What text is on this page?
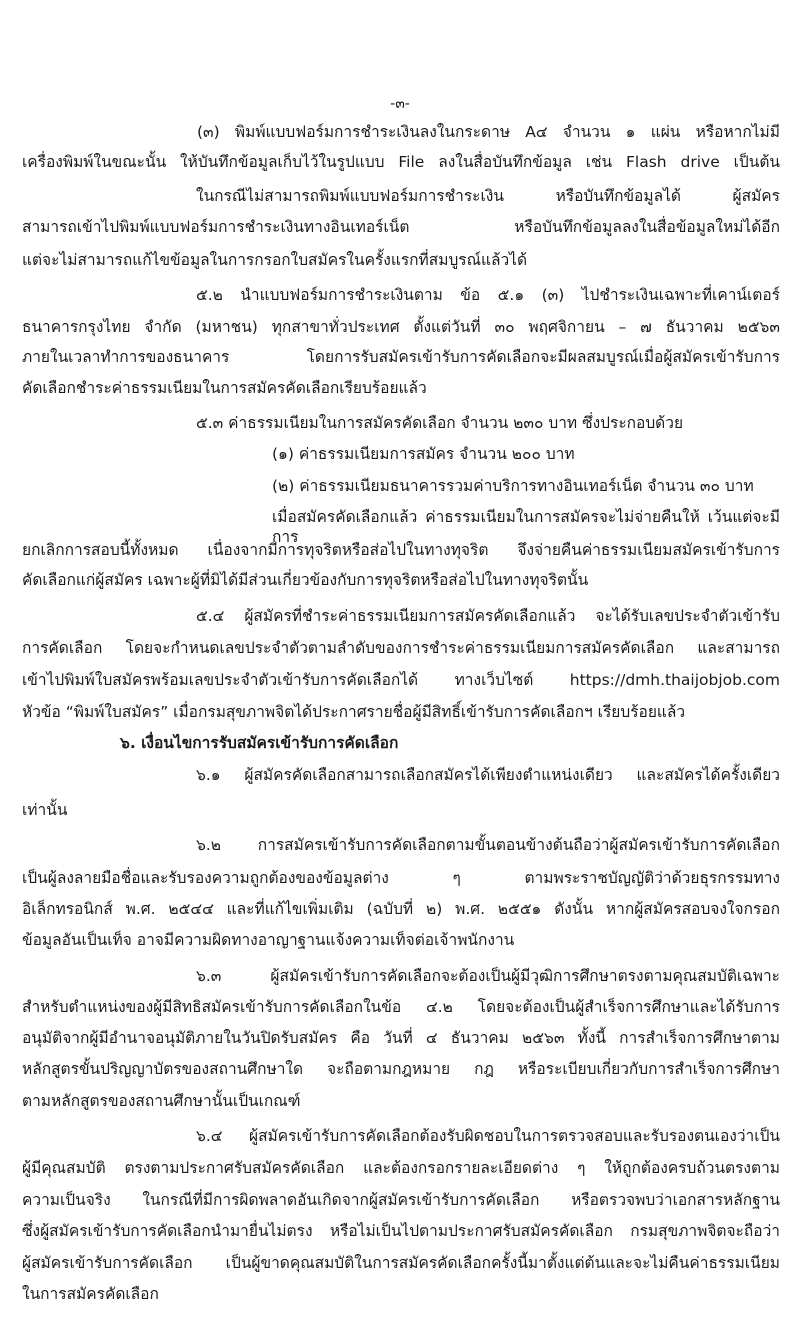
-๓-
(๓) พิมพ์แบบฟอร์มการชำระเงินลงในกระดาษ A๔ จำนวน ๑ แผ่น หรือหากไม่มี
เครื่องพิมพ์ในขณะนั้น ให้บันทึกข้อมูลเก็บไว้ในรูปแบบ File ลงในสื่อบันทึกข้อมูล เช่น Flash drive เป็นต้น
ในกรณีไม่สามารถพิมพ์แบบฟอร์มการชำระเงิน หรือบันทึกข้อมูลได้ ผู้สมัคร
สามารถเข้าไปพิมพ์แบบฟอร์มการชำระเงินทางอินเทอร์เน็ต หรือบันทึกข้อมูลลงในสื่อข้อมูลใหม่ได้อีก
แต่จะไม่สามารถแก้ไขข้อมูลในการกรอกใบสมัครในครั้งแรกที่สมบูรณ์แล้วได้
๕.๒ นำแบบฟอร์มการชำระเงินตาม ข้อ ๕.๑ (๓) ไปชำระเงินเฉพาะที่เคาน์เตอร์
ธนาคารกรุงไทย จำกัด (มหาชน) ทุกสาขาทั่วประเทศ ตั้งแต่วันที่ ๓๐ พฤศจิกายน – ๗ ธันวาคม ๒๕๖๓
ภายในเวลาทำการของธนาคาร โดยการรับสมัครเข้ารับการคัดเลือกจะมีผลสมบูรณ์เมื่อผู้สมัครเข้ารับการ
คัดเลือกชำระค่าธรรมเนียมในการสมัครคัดเลือกเรียบร้อยแล้ว
๕.๓ ค่าธรรมเนียมในการสมัครคัดเลือก จำนวน ๒๓๐ บาท ซึ่งประกอบด้วย
(๑) ค่าธรรมเนียมการสมัคร จำนวน ๒๐๐ บาท
(๒) ค่าธรรมเนียมธนาคารรวมค่าบริการทางอินเทอร์เน็ต จำนวน ๓๐ บาท
เมื่อสมัครคัดเลือกแล้ว ค่าธรรมเนียมในการสมัครจะไม่จ่ายคืนให้ เว้นแต่จะมีการ
ยกเลิกการสอบนี้ทั้งหมด เนื่องจากมีการทุจริตหรือส่อไปในทางทุจริต จึงจ่ายคืนค่าธรรมเนียมสมัครเข้ารับการ
คัดเลือกแก่ผู้สมัคร เฉพาะผู้ที่มิได้มีส่วนเกี่ยวข้องกับการทุจริตหรือส่อไปในทางทุจริตนั้น
๕.๔ ผู้สมัครที่ชำระค่าธรรมเนียมการสมัครคัดเลือกแล้ว จะได้รับเลขประจำตัวเข้ารับ
การคัดเลือก โดยจะกำหนดเลขประจำตัวตามลำดับของการชำระค่าธรรมเนียมการสมัครคัดเลือก และสามารถ
เข้าไปพิมพ์ใบสมัครพร้อมเลขประจำตัวเข้ารับการคัดเลือกได้ ทางเว็บไซต์ https://dmh.thaijobjob.com
หัวข้อ “พิมพ์ใบสมัคร” เมื่อกรมสุขภาพจิตได้ประกาศรายชื่อผู้มีสิทธิ์เข้ารับการคัดเลือกฯ เรียบร้อยแล้ว
๖. เงื่อนไขการรับสมัครเข้ารับการคัดเลือก
๖.๑ ผู้สมัครคัดเลือกสามารถเลือกสมัครได้เพียงตำแหน่งเดียว และสมัครได้ครั้งเดียว
เท่านั้น
๖.๒ การสมัครเข้ารับการคัดเลือกตามขั้นตอนข้างต้นถือว่าผู้สมัครเข้ารับการคัดเลือก
เป็นผู้ลงลายมือชื่อและรับรองความถูกต้องของข้อมูลต่าง ๆ ตามพระราชบัญญัติว่าด้วยธุรกรรมทาง
อิเล็กทรอนิกส์ พ.ศ. ๒๕๔๔ และที่แก้ไขเพิ่มเติม (ฉบับที่ ๒) พ.ศ. ๒๕๕๑ ดังนั้น หากผู้สมัครสอบจงใจกรอก
ข้อมูลอันเป็นเท็จ อาจมีความผิดทางอาญาฐานแจ้งความเท็จต่อเจ้าพนักงาน
๖.๓ ผู้สมัครเข้ารับการคัดเลือกจะต้องเป็นผู้มีวุฒิการศึกษาตรงตามคุณสมบัติเฉพาะ
สำหรับตำแหน่งของผู้มีสิทธิสมัครเข้ารับการคัดเลือกในข้อ ๔.๒ โดยจะต้องเป็นผู้สำเร็จการศึกษาและได้รับการ
อนุมัติจากผู้มีอำนาจอนุมัติภายในวันปิดรับสมัคร คือ วันที่ ๔ ธันวาคม ๒๕๖๓ ทั้งนี้ การสำเร็จการศึกษาตาม
หลักสูตรขั้นปริญญาบัตรของสถานศึกษาใด จะถือตามกฎหมาย กฎ หรือระเบียบเกี่ยวกับการสำเร็จการศึกษา
ตามหลักสูตรของสถานศึกษานั้นเป็นเกณฑ์
๖.๔ ผู้สมัครเข้ารับการคัดเลือกต้องรับผิดชอบในการตรวจสอบและรับรองตนเองว่าเป็น
ผู้มีคุณสมบัติ ตรงตามประกาศรับสมัครคัดเลือก และต้องกรอกรายละเอียดต่าง ๆ ให้ถูกต้องครบถ้วนตรงตาม
ความเป็นจริง ในกรณีที่มีการผิดพลาดอันเกิดจากผู้สมัครเข้ารับการคัดเลือก หรือตรวจพบว่าเอกสารหลักฐาน
ซึ่งผู้สมัครเข้ารับการคัดเลือกนำมายื่นไม่ตรง หรือไม่เป็นไปตามประกาศรับสมัครคัดเลือก กรมสุขภาพจิตจะถือว่า
ผู้สมัครเข้ารับการคัดเลือก เป็นผู้ขาดคุณสมบัติในการสมัครคัดเลือกครั้งนี้มาตั้งแต่ต้นและจะไม่คืนค่าธรรมเนียม
ในการสมัครคัดเลือก
